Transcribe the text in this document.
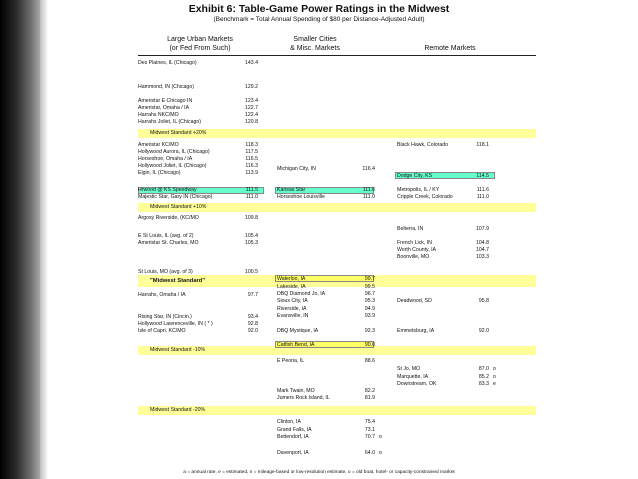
Exhibit 6: Table-Game Power Ratings in the Midwest
(Benchmark = Total Annual Spending of $80 per Distance-Adjusted Adult)
Large Urban Markets
(or Fed From Such)
Smaller Cities
& Misc. Markets	Remote Markets
Midwest Standard +20%
Midwest Standard +10%
"Midwest Standard"
Midwest Standard -10%
Midwest Standard -20%
Des Plaines, IL (Chicago)	143.4
Hammond, IN (Chicago)	129.2
Ameristar E Chicago IN	123.4
Ameristar, Omaha / IA	122.7
Harrahs NKC/MO	122.4
Harrahs Joliet, IL (Chicago)	120.8
Ameristar KC/MO	118.3
Hollywood Aurora, IL (Chicago)	117.5
Horseshoe, Omaha / IA	116.5
Hollywood Joliet, IL (Chicago)	116.3
Elgin, IL (Chicago)	113.9
Hrwood @ KS Speedway	111.5
Majestic Star, Gary IN (Chicago)	111.0
Argosy Riverside, (KC/MO	109.8
E St Louis, IL (avg. of 2)	105.4
Ameristar St. Charles, MO	105.3
St Louis, MO (avg. of 3)	100.5
Harrahs, Omaha / IA	97.7
Rising Star, IN (Cincin.)	93.4
Hollywood Lawrenceville, IN ( * )	92.8
Isle of Capri, KC/MO	92.0
Michigan City, IN	116.4
Kansas Star	111.6
Horseshoe Louisville	111.0
Waterloo, IA	99.7
Lakeside, IA	99.5
DBQ Diamond Jo, IA	96.7
Sioux City, IA	95.3
Riverside, IA	94.9
Evansville, IN	93.9
DBQ Mystique, IA	92.3
Catfish Bend, IA	90.0
E Peoria, IL	88.6
Mark Twain, MO	82.2
Jumers Rock Island, IL	81.9
Clinton, IA	75.4
Grand Falls, IA	73.1
Bettendorf, IA	70.7 o
Davenport, IA	64.0 o
Black Hawk, Colorado	118.1
Dodge City, KS	114.5
Metropolis, IL / KY	111.6
Cripple Creek, Colorado	111.0
Belterra, IN	107.9
French Lick, IN	104.8
Worth County, IA	104.7
Boonville, MO	103.3
Deadwood, SD	95.8
Emmetsburg, IA	92.0
St Jo, MO	87.0 o
Marquette, IA	85.2 o
Downstream, OK	83.3 e
a = annual rate, e = estimated, n = mileage-based or low-resolution estimate, o = old boat, hotel- or capacity-constrained market
